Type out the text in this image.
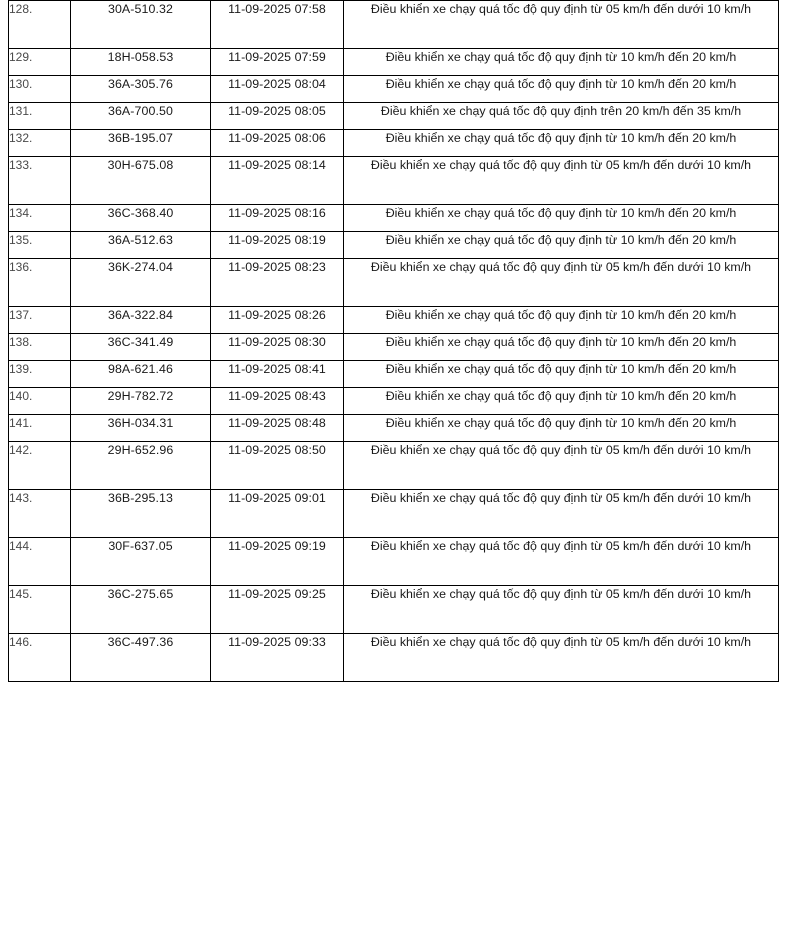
128.	30A-510.32	11-09-2025 07:58	Điều khiển xe chạy quá tốc độ quy định từ 05 km/h đến dưới 10 km/h

129.	18H-058.53	11-09-2025 07:59	Điều khiển xe chạy quá tốc độ quy định từ 10 km/h đến 20 km/h

130.	36A-305.76	11-09-2025 08:04	Điều khiển xe chạy quá tốc độ quy định từ 10 km/h đến 20 km/h

131.	36A-700.50	11-09-2025 08:05	Điều khiển xe chạy quá tốc độ quy định trên 20 km/h đến 35 km/h

132.	36B-195.07	11-09-2025 08:06	Điều khiển xe chạy quá tốc độ quy định từ 10 km/h đến 20 km/h

133.	30H-675.08	11-09-2025 08:14	Điều khiển xe chạy quá tốc độ quy định từ 05 km/h đến dưới 10 km/h

134.	36C-368.40	11-09-2025 08:16	Điều khiển xe chạy quá tốc độ quy định từ 10 km/h đến 20 km/h

135.	36A-512.63	11-09-2025 08:19	Điều khiển xe chạy quá tốc độ quy định từ 10 km/h đến 20 km/h

136.	36K-274.04	11-09-2025 08:23	Điều khiển xe chạy quá tốc độ quy định từ 05 km/h đến dưới 10 km/h

137.	36A-322.84	11-09-2025 08:26	Điều khiển xe chạy quá tốc độ quy định từ 10 km/h đến 20 km/h

138.	36C-341.49	11-09-2025 08:30	Điều khiển xe chạy quá tốc độ quy định từ 10 km/h đến 20 km/h

139.	98A-621.46	11-09-2025 08:41	Điều khiển xe chạy quá tốc độ quy định từ 10 km/h đến 20 km/h

140.	29H-782.72	11-09-2025 08:43	Điều khiển xe chạy quá tốc độ quy định từ 10 km/h đến 20 km/h

141.	36H-034.31	11-09-2025 08:48	Điều khiển xe chạy quá tốc độ quy định từ 10 km/h đến 20 km/h

142.	29H-652.96	11-09-2025 08:50	Điều khiển xe chạy quá tốc độ quy định từ 05 km/h đến dưới 10 km/h

143.	36B-295.13	11-09-2025 09:01	Điều khiển xe chạy quá tốc độ quy định từ 05 km/h đến dưới 10 km/h

144.	30F-637.05	11-09-2025 09:19	Điều khiển xe chạy quá tốc độ quy định từ 05 km/h đến dưới 10 km/h

145.	36C-275.65	11-09-2025 09:25	Điều khiển xe chạy quá tốc độ quy định từ 05 km/h đến dưới 10 km/h

146.	36C-497.36	11-09-2025 09:33	Điều khiển xe chạy quá tốc độ quy định từ 05 km/h đến dưới 10 km/h
